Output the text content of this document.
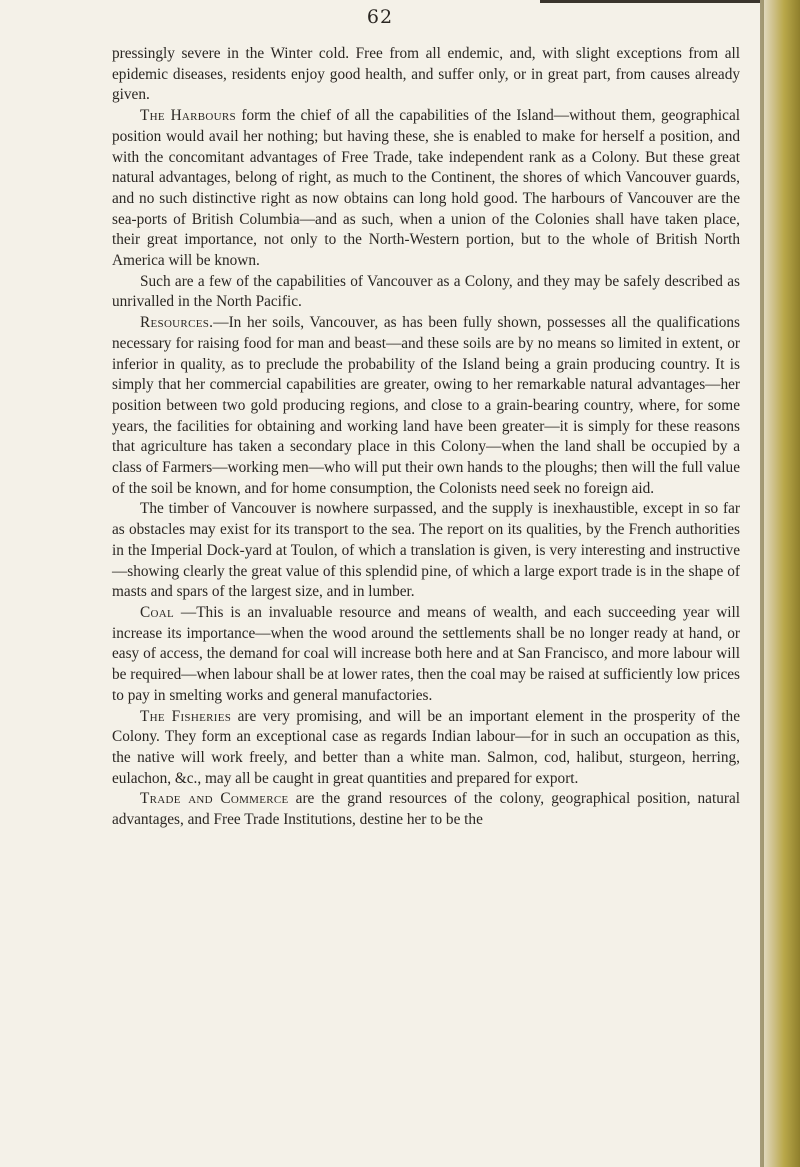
62

pressingly severe in the Winter cold. Free from all endemic, and, with slight exceptions from all epidemic diseases, residents enjoy good health, and suffer only, or in great part, from causes already given.

The Harbours form the chief of all the capabilities of the Island—without them, geographical position would avail her nothing; but having these, she is enabled to make for herself a position, and with the concomitant advantages of Free Trade, take independent rank as a Colony. But these great natural advantages, belong of right, as much to the Continent, the shores of which Vancouver guards, and no such distinctive right as now obtains can long hold good. The harbours of Vancouver are the sea-ports of British Columbia—and as such, when a union of the Colonies shall have taken place, their great importance, not only to the North-Western portion, but to the whole of British North America will be known.

Such are a few of the capabilities of Vancouver as a Colony, and they may be safely described as unrivalled in the North Pacific.

Resources.—In her soils, Vancouver, as has been fully shown, possesses all the qualifications necessary for raising food for man and beast—and these soils are by no means so limited in extent, or inferior in quality, as to preclude the probability of the Island being a grain producing country. It is simply that her commercial capabilities are greater, owing to her remarkable natural advantages—her position between two gold producing regions, and close to a grain-bearing country, where, for some years, the facilities for obtaining and working land have been greater—it is simply for these reasons that agriculture has taken a secondary place in this Colony—when the land shall be occupied by a class of Farmers—working men—who will put their own hands to the ploughs; then will the full value of the soil be known, and for home consumption, the Colonists need seek no foreign aid.

The timber of Vancouver is nowhere surpassed, and the supply is inexhaustible, except in so far as obstacles may exist for its transport to the sea. The report on its qualities, by the French authorities in the Imperial Dock-yard at Toulon, of which a translation is given, is very interesting and instructive—showing clearly the great value of this splendid pine, of which a large export trade is in the shape of masts and spars of the largest size, and in lumber.

Coal —This is an invaluable resource and means of wealth, and each succeeding year will increase its importance—when the wood around the settlements shall be no longer ready at hand, or easy of access, the demand for coal will increase both here and at San Francisco, and more labour will be required—when labour shall be at lower rates, then the coal may be raised at sufficiently low prices to pay in smelting works and general manufactories.

The Fisheries are very promising, and will be an important element in the prosperity of the Colony. They form an exceptional case as regards Indian labour—for in such an occupation as this, the native will work freely, and better than a white man. Salmon, cod, halibut, sturgeon, herring, eulachon, &c., may all be caught in great quantities and prepared for export.

Trade and Commerce are the grand resources of the colony, geographical position, natural advantages, and Free Trade Institutions, destine her to be the
